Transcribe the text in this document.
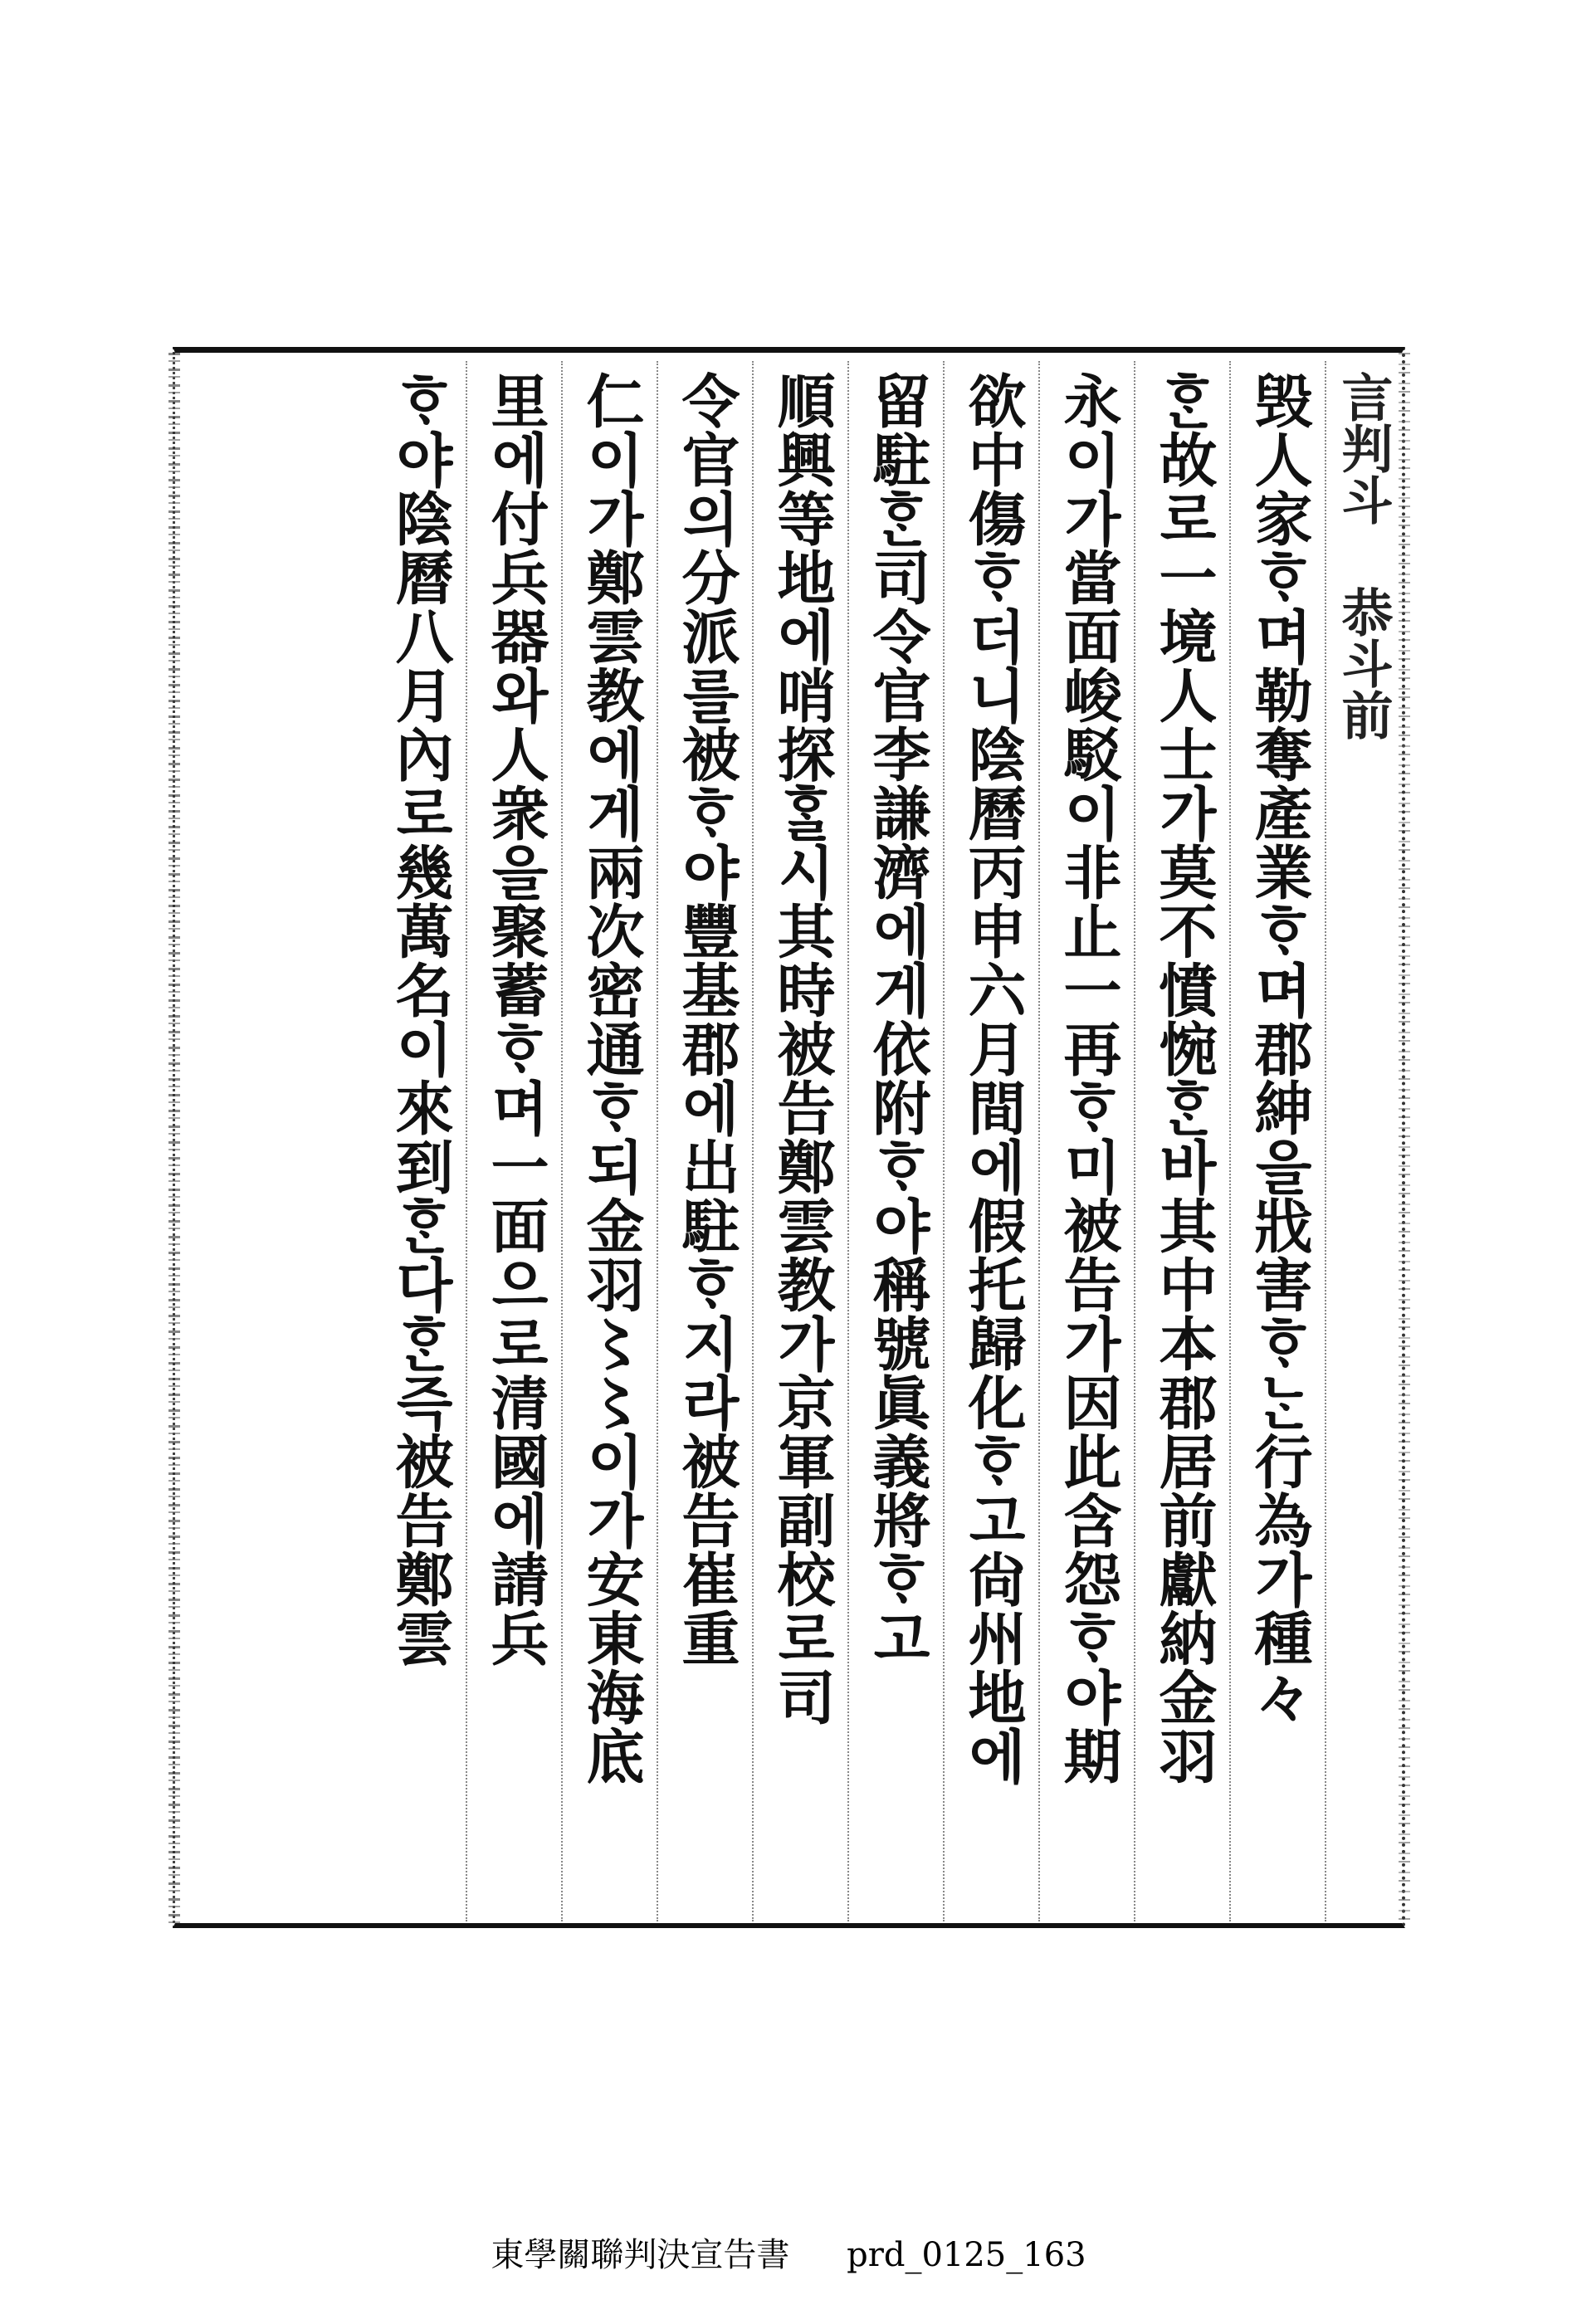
言判斗 恭斗前
毁人家ᄒᆞ며勒奪產業ᄒᆞ며郡紳을戕害ᄒᆞᄂᆞᆫ行為가種々
ᄒᆞᆫ故로一境人士가莫不憤惋ᄒᆞᆫ바其中本郡居前獻納金羽
永이가當面峻駁이非止一再ᄒᆞ미被告가因此含怨ᄒᆞ야期
欲中傷ᄒᆞ더니陰曆丙申六月間에假托歸化ᄒᆞ고尙州地에
留駐ᄒᆞᆫ司令官李謙濟에게依附ᄒᆞ야稱號眞義將ᄒᆞ고
順興等地에哨探ᄒᆞᆯ시其時被告鄭雲教가京軍副校로司
令官의分派를被ᄒᆞ야豐基郡에出駐ᄒᆞ지라被告崔重
仁이가鄭雲教에게兩次密通ᄒᆞ되金羽〻〻이가安東海底
里에付兵器와人衆을聚蓄ᄒᆞ며一面으로清國에請兵
ᄒᆞ야陰曆八月內로幾萬名이來到ᄒᆞᆫ다ᄒᆞᆫ즉被告鄭雲
東學關聯判決宣告書 prd_0125_163
